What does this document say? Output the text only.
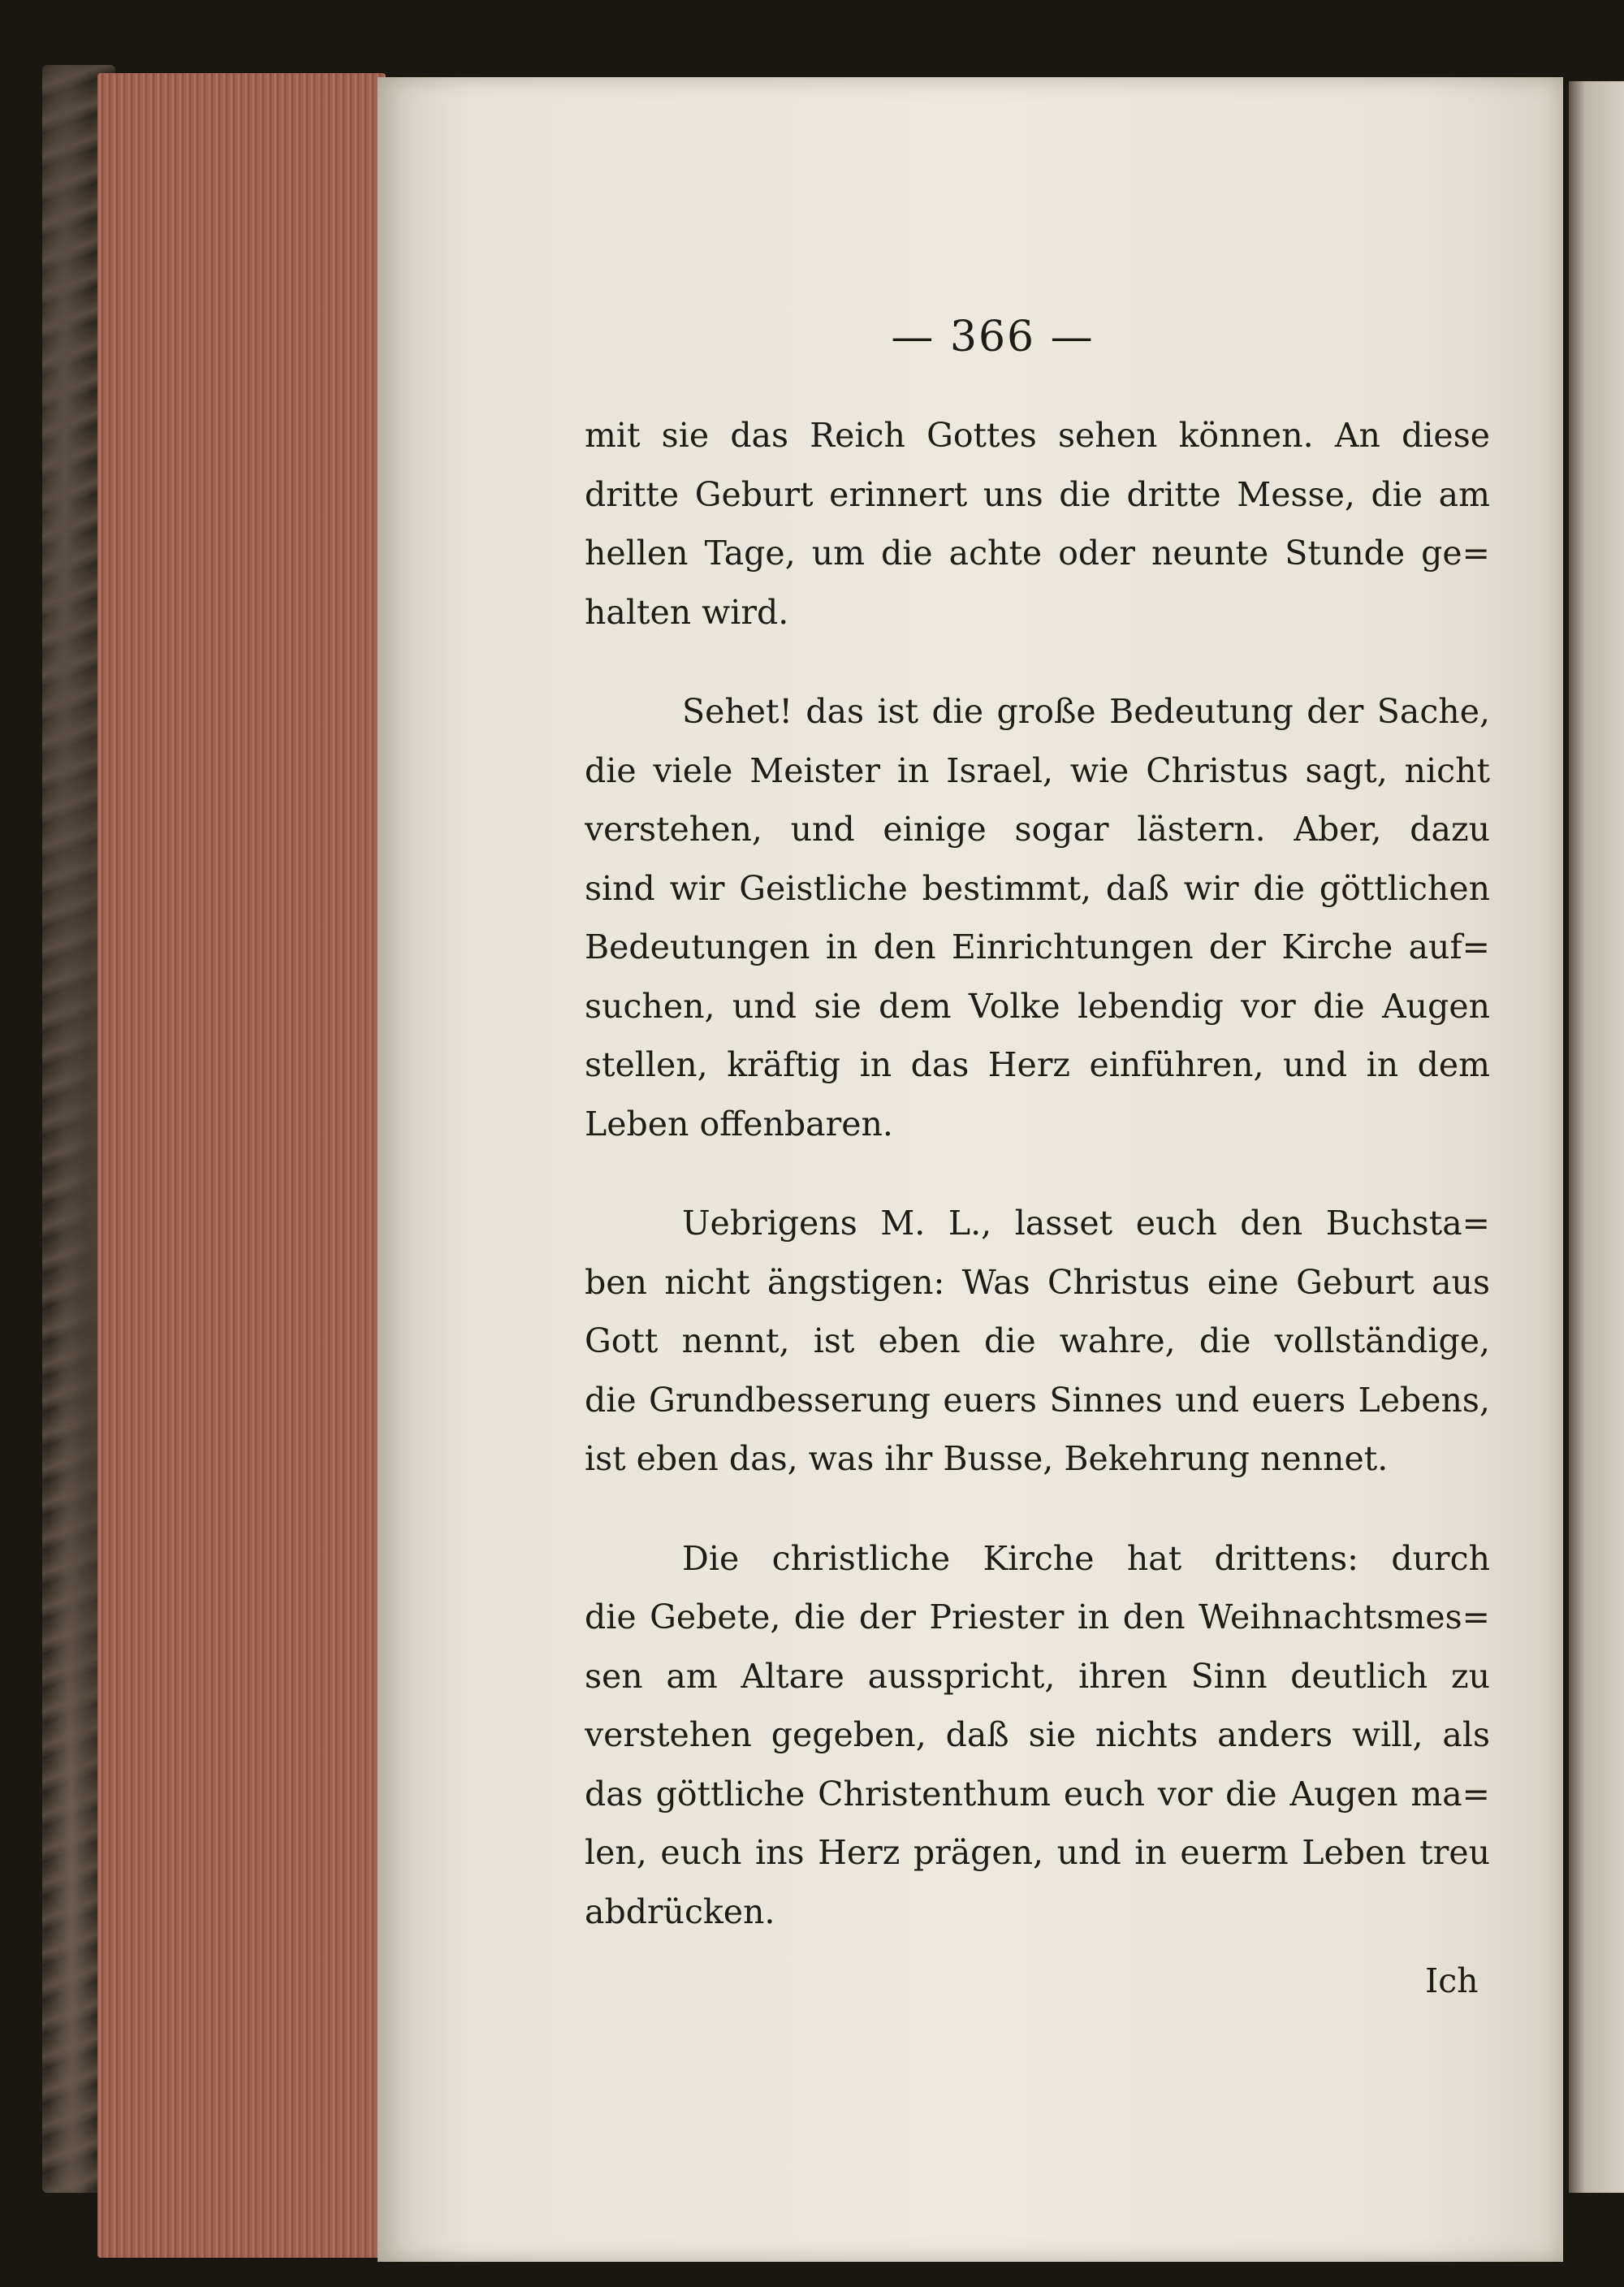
— 366 —
mit sie das Reich Gottes sehen können. An diese
dritte Geburt erinnert uns die dritte Messe, die am
hellen Tage, um die achte oder neunte Stunde ge=
halten wird.
Sehet! das ist die große Bedeutung der Sache,
die viele Meister in Israel, wie Christus sagt, nicht
verstehen, und einige sogar lästern. Aber, dazu
sind wir Geistliche bestimmt, daß wir die göttlichen
Bedeutungen in den Einrichtungen der Kirche auf=
suchen, und sie dem Volke lebendig vor die Augen
stellen, kräftig in das Herz einführen, und in dem
Leben offenbaren.
Uebrigens M. L., lasset euch den Buchsta=
ben nicht ängstigen: Was Christus eine Geburt aus
Gott nennt, ist eben die wahre, die vollständige,
die Grundbesserung euers Sinnes und euers Lebens,
ist eben das, was ihr Busse, Bekehrung nennet.
Die christliche Kirche hat drittens: durch
die Gebete, die der Priester in den Weihnachtsmes=
sen am Altare ausspricht, ihren Sinn deutlich zu
verstehen gegeben, daß sie nichts anders will, als
das göttliche Christenthum euch vor die Augen ma=
len, euch ins Herz prägen, und in euerm Leben treu
abdrücken.
Ich
